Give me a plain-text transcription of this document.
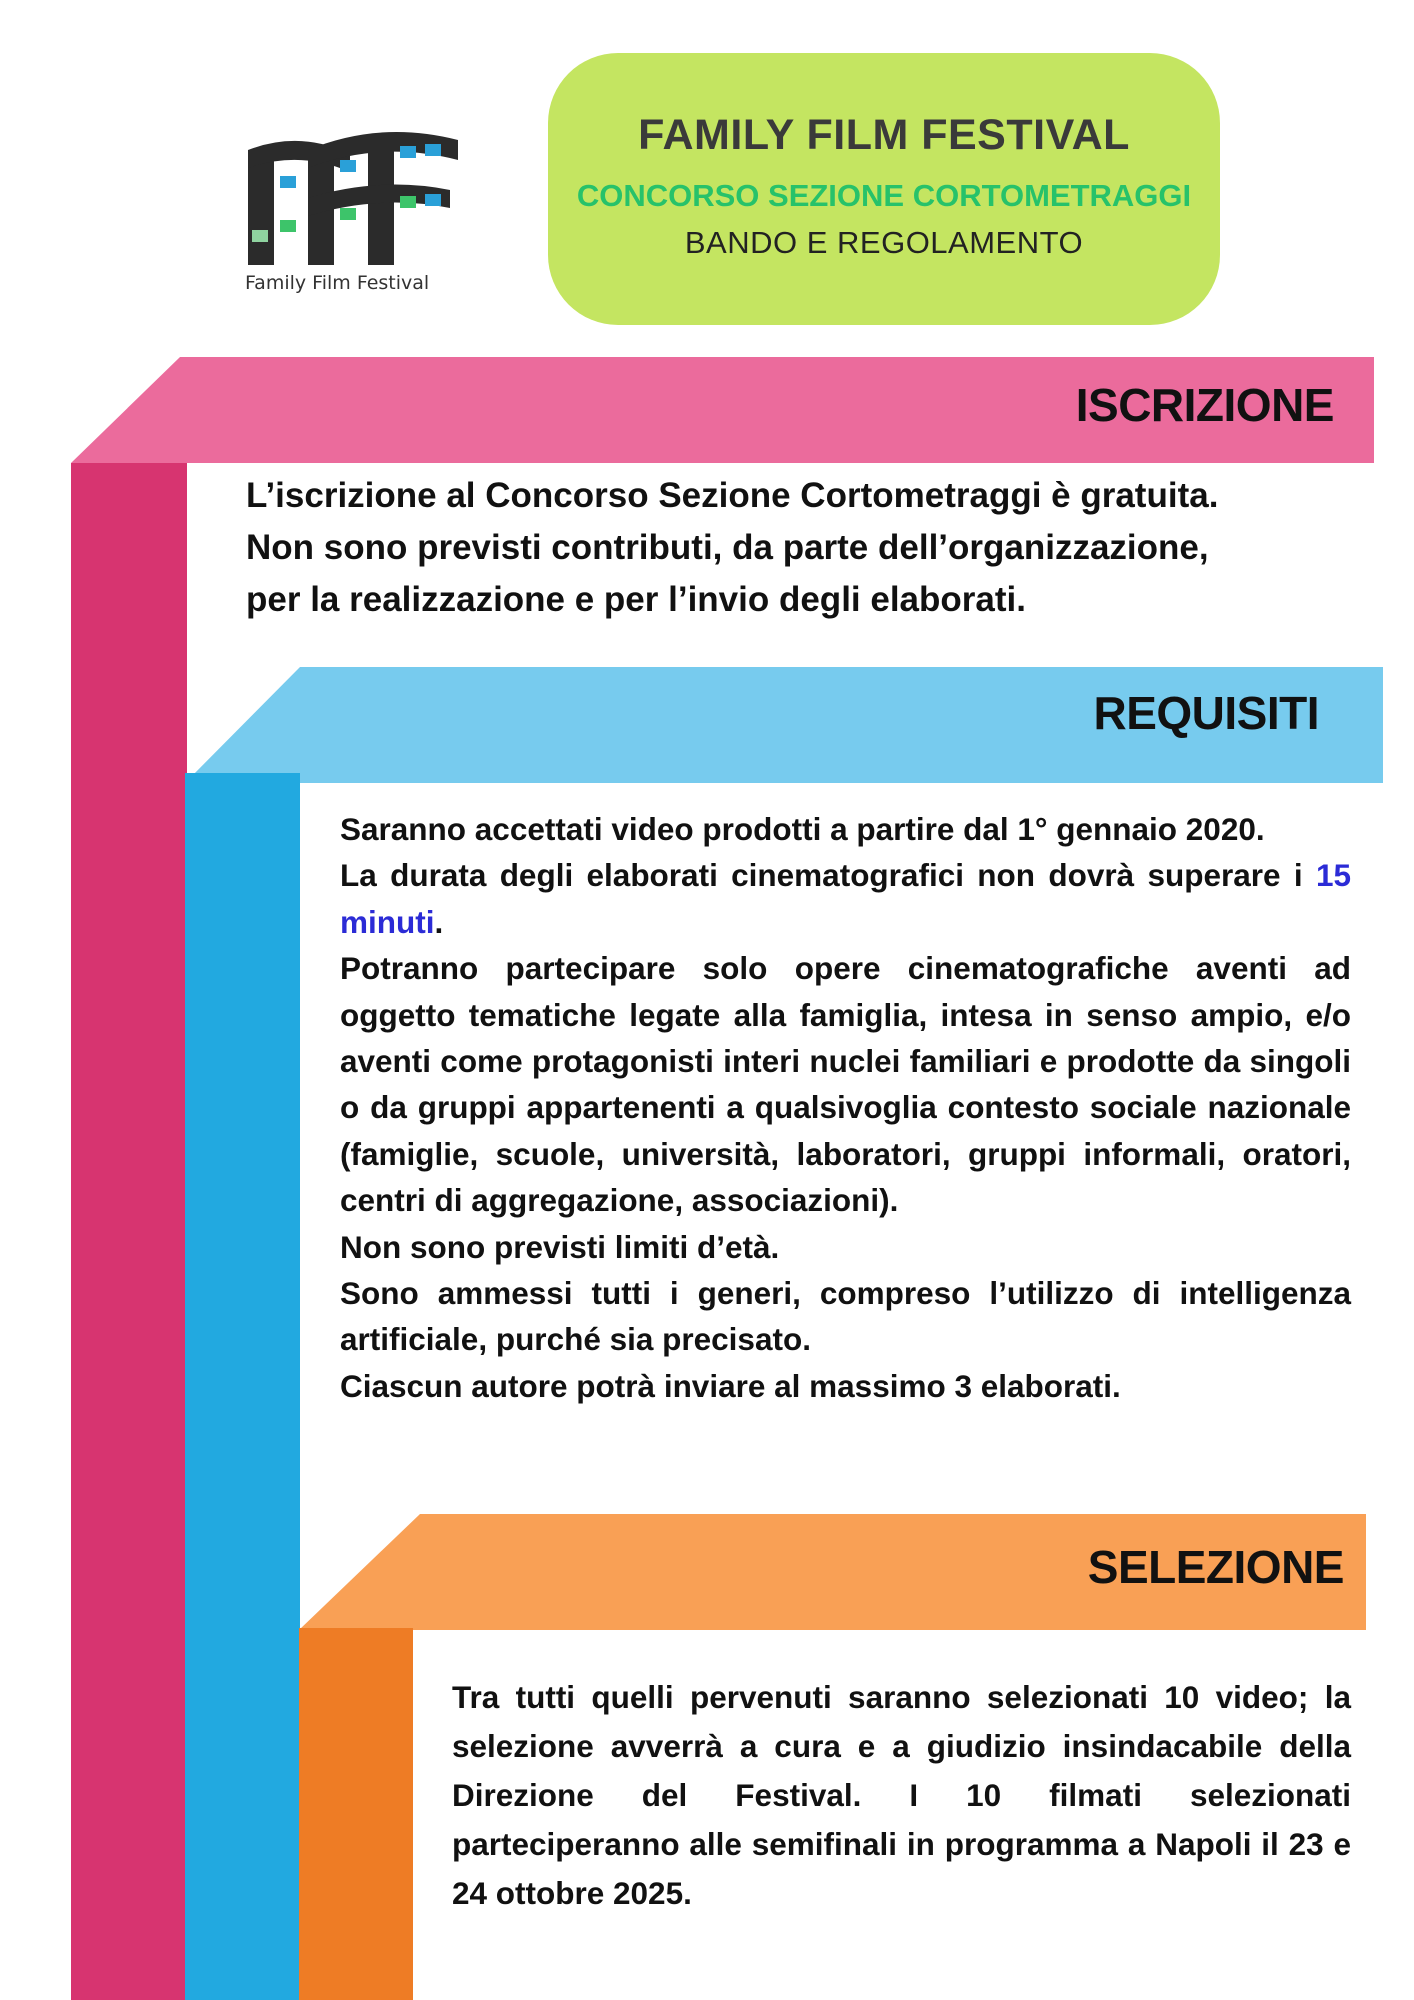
Family Film Festival
FAMILY FILM FESTIVAL
CONCORSO SEZIONE CORTOMETRAGGI
BANDO E REGOLAMENTO
ISCRIZIONE
REQUISITI
SELEZIONE
L’iscrizione al Concorso Sezione Cortometraggi è gratuita.
Non sono previsti contributi, da parte dell’organizzazione,
per la realizzazione e per l’invio degli elaborati.

Saranno accettati video prodotti a partire dal 1° gennaio 2020.

La durata degli elaborati cinematografici non dovrà superare i 15 minuti.

Potranno partecipare solo opere cinematografiche aventi ad oggetto tematiche legate alla famiglia, intesa in senso ampio, e/o aventi come protagonisti interi nuclei familiari e prodotte da singoli o da gruppi appartenenti a qualsivoglia contesto sociale nazionale (famiglie, scuole, università, laboratori, gruppi informali, oratori, centri di aggregazione, associazioni).

Non sono previsti limiti d’età.

Sono ammessi tutti i generi, compreso l’utilizzo di intelligenza artificiale, purché sia precisato.

Ciascun autore potrà inviare al massimo 3 elaborati.

Tra tutti quelli pervenuti saranno selezionati 10 video; la selezione avverrà a cura e a giudizio insindacabile della Direzione del Festival. I 10 filmati selezionati parteciperanno alle semifinali in programma a Napoli il 23 e 24 ottobre 2025.
